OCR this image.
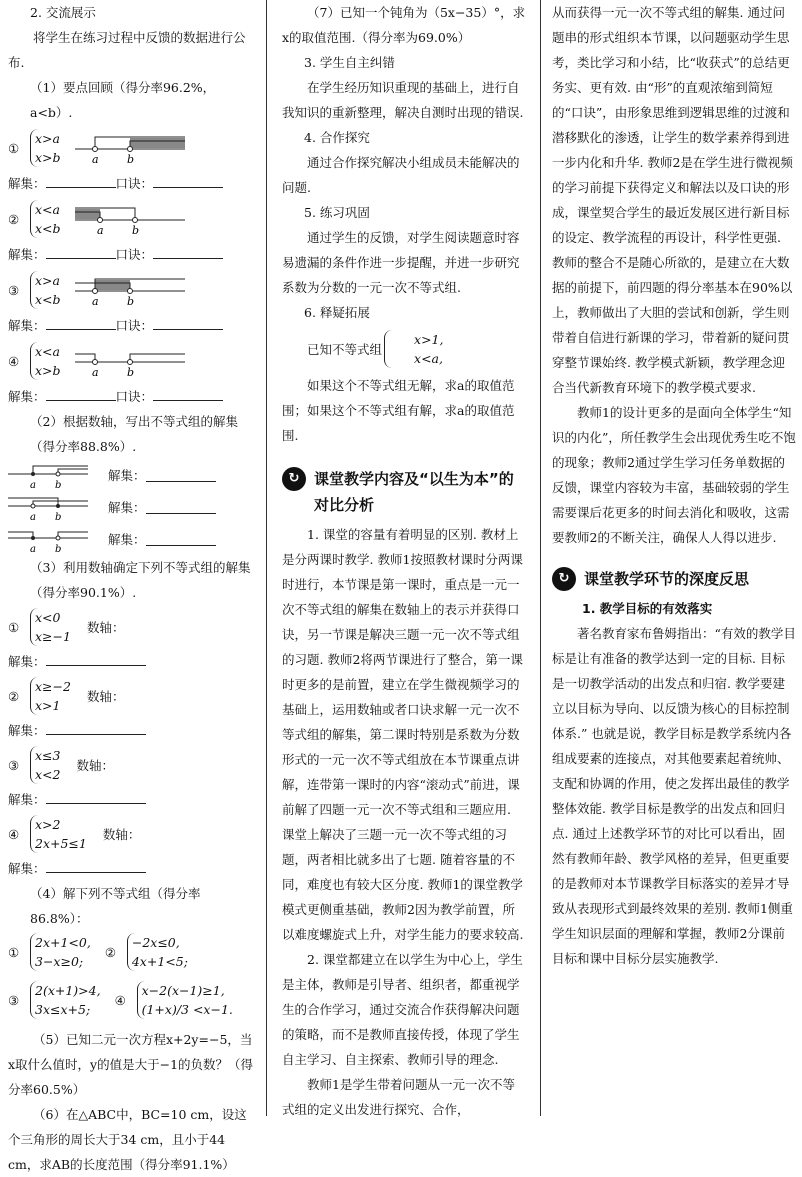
2. 交流展示

将学生在练习过程中反馈的数据进行公布.

（1）要点回顾（得分率96.2%，a<b）.

①
x>a
x>b	a	b

解集：	口诀：

②
x<a
x<b	a	b

解集：	口诀：

③
x>a
x<b	a	b

解集：	口诀：

④
x<a
x>b	a	b

解集：	口诀：

（2）根据数轴，写出不等式组的解集（得分率88.8%）.

a b
解集：
a b
解集：
a b
解集：

（3）利用数轴确定下列不等式组的解集（得分率90.1%）.

①
x<0
x≥−1
数轴：

解集：

②
x≥−2
x>1
数轴：

解集：

③
x≤3
x<2
数轴：

解集：

④
x>2
2x+5≤1
数轴：

解集：

（4）解下列不等式组（得分率86.8%）：

①
2x+1<0,
3−x≥0;
②
−2x≤0,
4x+1<5;
③
2(x+1)>4,
3x≤x+5;
④
x−2(x−1)≥1,
(1+x)/3 <x−1.

（5）已知二元一次方程x+2y=−5，当x取什么值时，y的值是大于−1的负数？（得分率60.5%）

（6）在△ABC中，BC=10 cm，设这个三角形的周长大于34 cm，且小于44 cm，求AB的长度范围（得分率91.1%）

（7）已知一个钝角为（5x−35）°，求x的取值范围.（得分率为69.0%）

3. 学生自主纠错

在学生经历知识重现的基础上，进行自我知识的重新整理，解决自测时出现的错误.

4. 合作探究

通过合作探究解决小组成员未能解决的问题.

5. 练习巩固

通过学生的反馈，对学生阅读题意时容易遗漏的条件作进一步提醒，并进一步研究系数为分数的一元一次不等式组.

6. 释疑拓展

已知不等式组
x>1,
x<a,

如果这个不等式组无解，求a的取值范围；如果这个不等式组有解，求a的取值范围.

↻ 课堂教学内容及“以生为本”的对比分析

1. 课堂的容量有着明显的区别. 教材上是分两课时教学. 教师1按照教材课时分两课时进行，本节课是第一课时，重点是一元一次不等式组的解集在数轴上的表示并获得口诀，另一节课是解决三题一元一次不等式组的习题. 教师2将两节课进行了整合，第一课时更多的是前置，建立在学生微视频学习的基础上，运用数轴或者口诀求解一元一次不等式组的解集，第二课时特别是系数为分数形式的一元一次不等式组放在本节课重点讲解，连带第一课时的内容“滚动式”前进，课前解了四题一元一次不等式组和三题应用. 课堂上解决了三题一元一次不等式组的习题，两者相比就多出了七题. 随着容量的不同，难度也有较大区分度. 教师1的课堂教学模式更侧重基础，教师2因为教学前置，所以难度螺旋式上升，对学生能力的要求较高.

2. 课堂都建立在以学生为中心上，学生是主体，教师是引导者、组织者，都重视学生的合作学习，通过交流合作获得解决问题的策略，而不是教师直接传授，体现了学生自主学习、自主探索、教师引导的理念.

教师1是学生带着问题从一元一次不等式组的定义出发进行探究、合作，

从而获得一元一次不等式组的解集. 通过问题串的形式组织本节课，以问题驱动学生思考，类比学习和小结，比“收获式”的总结更务实、更有效. 由“形”的直观浓缩到简短的“口诀”，由形象思维到逻辑思维的过渡和潜移默化的渗透，让学生的数学素养得到进一步内化和升华. 教师2是在学生进行微视频的学习前提下获得定义和解法以及口诀的形成，课堂契合学生的最近发展区进行新目标的设定、教学流程的再设计，科学性更强. 教师的整合不是随心所欲的，是建立在大数据的前提下，前四题的得分率基本在90%以上，教师做出了大胆的尝试和创新，学生则带着自信进行新课的学习，带着新的疑问贯穿整节课始终. 教学模式新颖，教学理念迎合当代新教育环境下的教学模式要求.

教师1的设计更多的是面向全体学生“知识的内化”，所任教学生会出现优秀生吃不饱的现象；教师2通过学生学习任务单数据的反馈，课堂内容较为丰富，基础较弱的学生需要课后花更多的时间去消化和吸收，这需要教师2的不断关注，确保人人得以进步.

↻ 课堂教学环节的深度反思

1. 教学目标的有效落实

著名教育家布鲁姆指出：“有效的教学目标是让有准备的教学达到一定的目标. 目标是一切教学活动的出发点和归宿. 教学要建立以目标为导向、以反馈为核心的目标控制体系.” 也就是说，教学目标是教学系统内各组成要素的连接点，对其他要素起着统帅、支配和协调的作用，使之发挥出最佳的教学整体效能. 教学目标是教学的出发点和回归点. 通过上述教学环节的对比可以看出，固然有教师年龄、教学风格的差异，但更重要的是教师对本节课教学目标落实的差异才导致从表现形式到最终效果的差别. 教师1侧重学生知识层面的理解和掌握，教师2分课前目标和课中目标分层实施教学.
